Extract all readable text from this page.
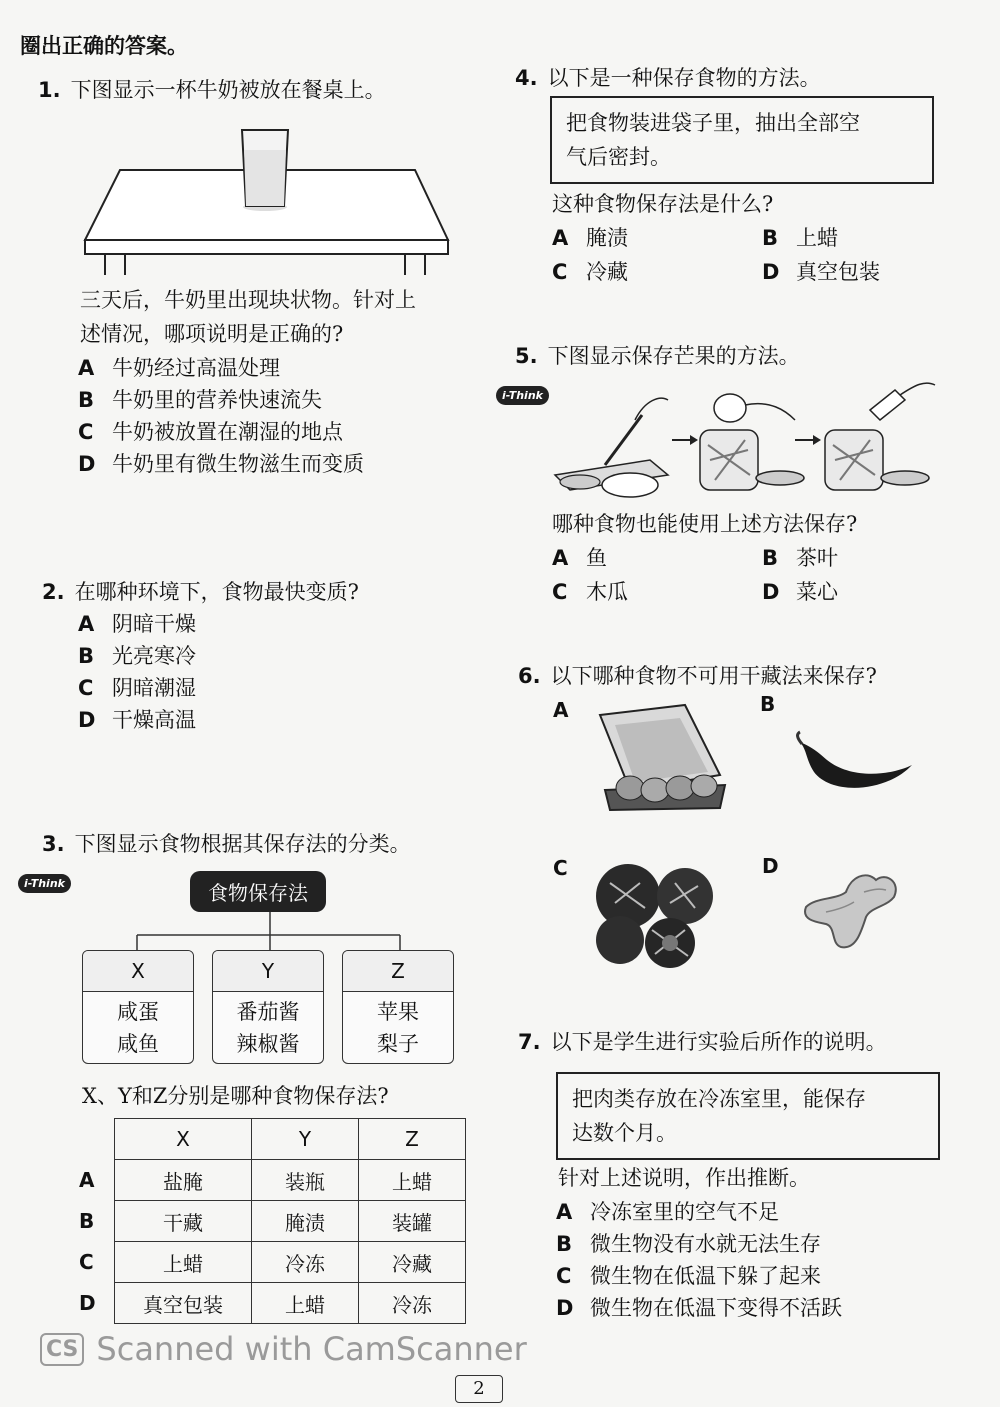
圈出正确的答案。
1. 下图显示一杯牛奶被放在餐桌上。
三天后，牛奶里出现块状物。针对上
述情况，哪项说明是正确的?
A 牛奶经过高温处理
B 牛奶里的营养快速流失
C 牛奶被放置在潮湿的地点
D 牛奶里有微生物滋生而变质
2. 在哪种环境下，食物最快变质?
A 阴暗干燥
B 光亮寒冷
C 阴暗潮湿
D 干燥高温
3. 下图显示食物根据其保存法的分类。
i-Think	食物保存法
X
咸蛋
咸鱼
Y
番茄酱
辣椒酱
Z
苹果
梨子
X、Y和Z分别是哪种食物保存法?
	X	Y	Z
A	盐腌	装瓶	上蜡
B	干藏	腌渍	装罐
C	上蜡	冷冻	冷藏
D	真空包装	上蜡	冷冻
4. 以下是一种保存食物的方法。
把食物装进袋子里，抽出全部空
气后密封。
这种食物保存法是什么?
A 腌渍	B 上蜡
C 冷藏	D 真空包装
5. 下图显示保存芒果的方法。
i-Think
哪种食物也能使用上述方法保存?
A 鱼	B 茶叶
C 木瓜	D 菜心
6. 以下哪种食物不可用干藏法来保存?
A	B
C	D
7. 以下是学生进行实验后所作的说明。
把肉类存放在冷冻室里，能保存
达数个月。
针对上述说明，作出推断。
A 冷冻室里的空气不足
B 微生物没有水就无法生存
C 微生物在低温下躲了起来
D 微生物在低温下变得不活跃
CS Scanned with CamScanner
2
